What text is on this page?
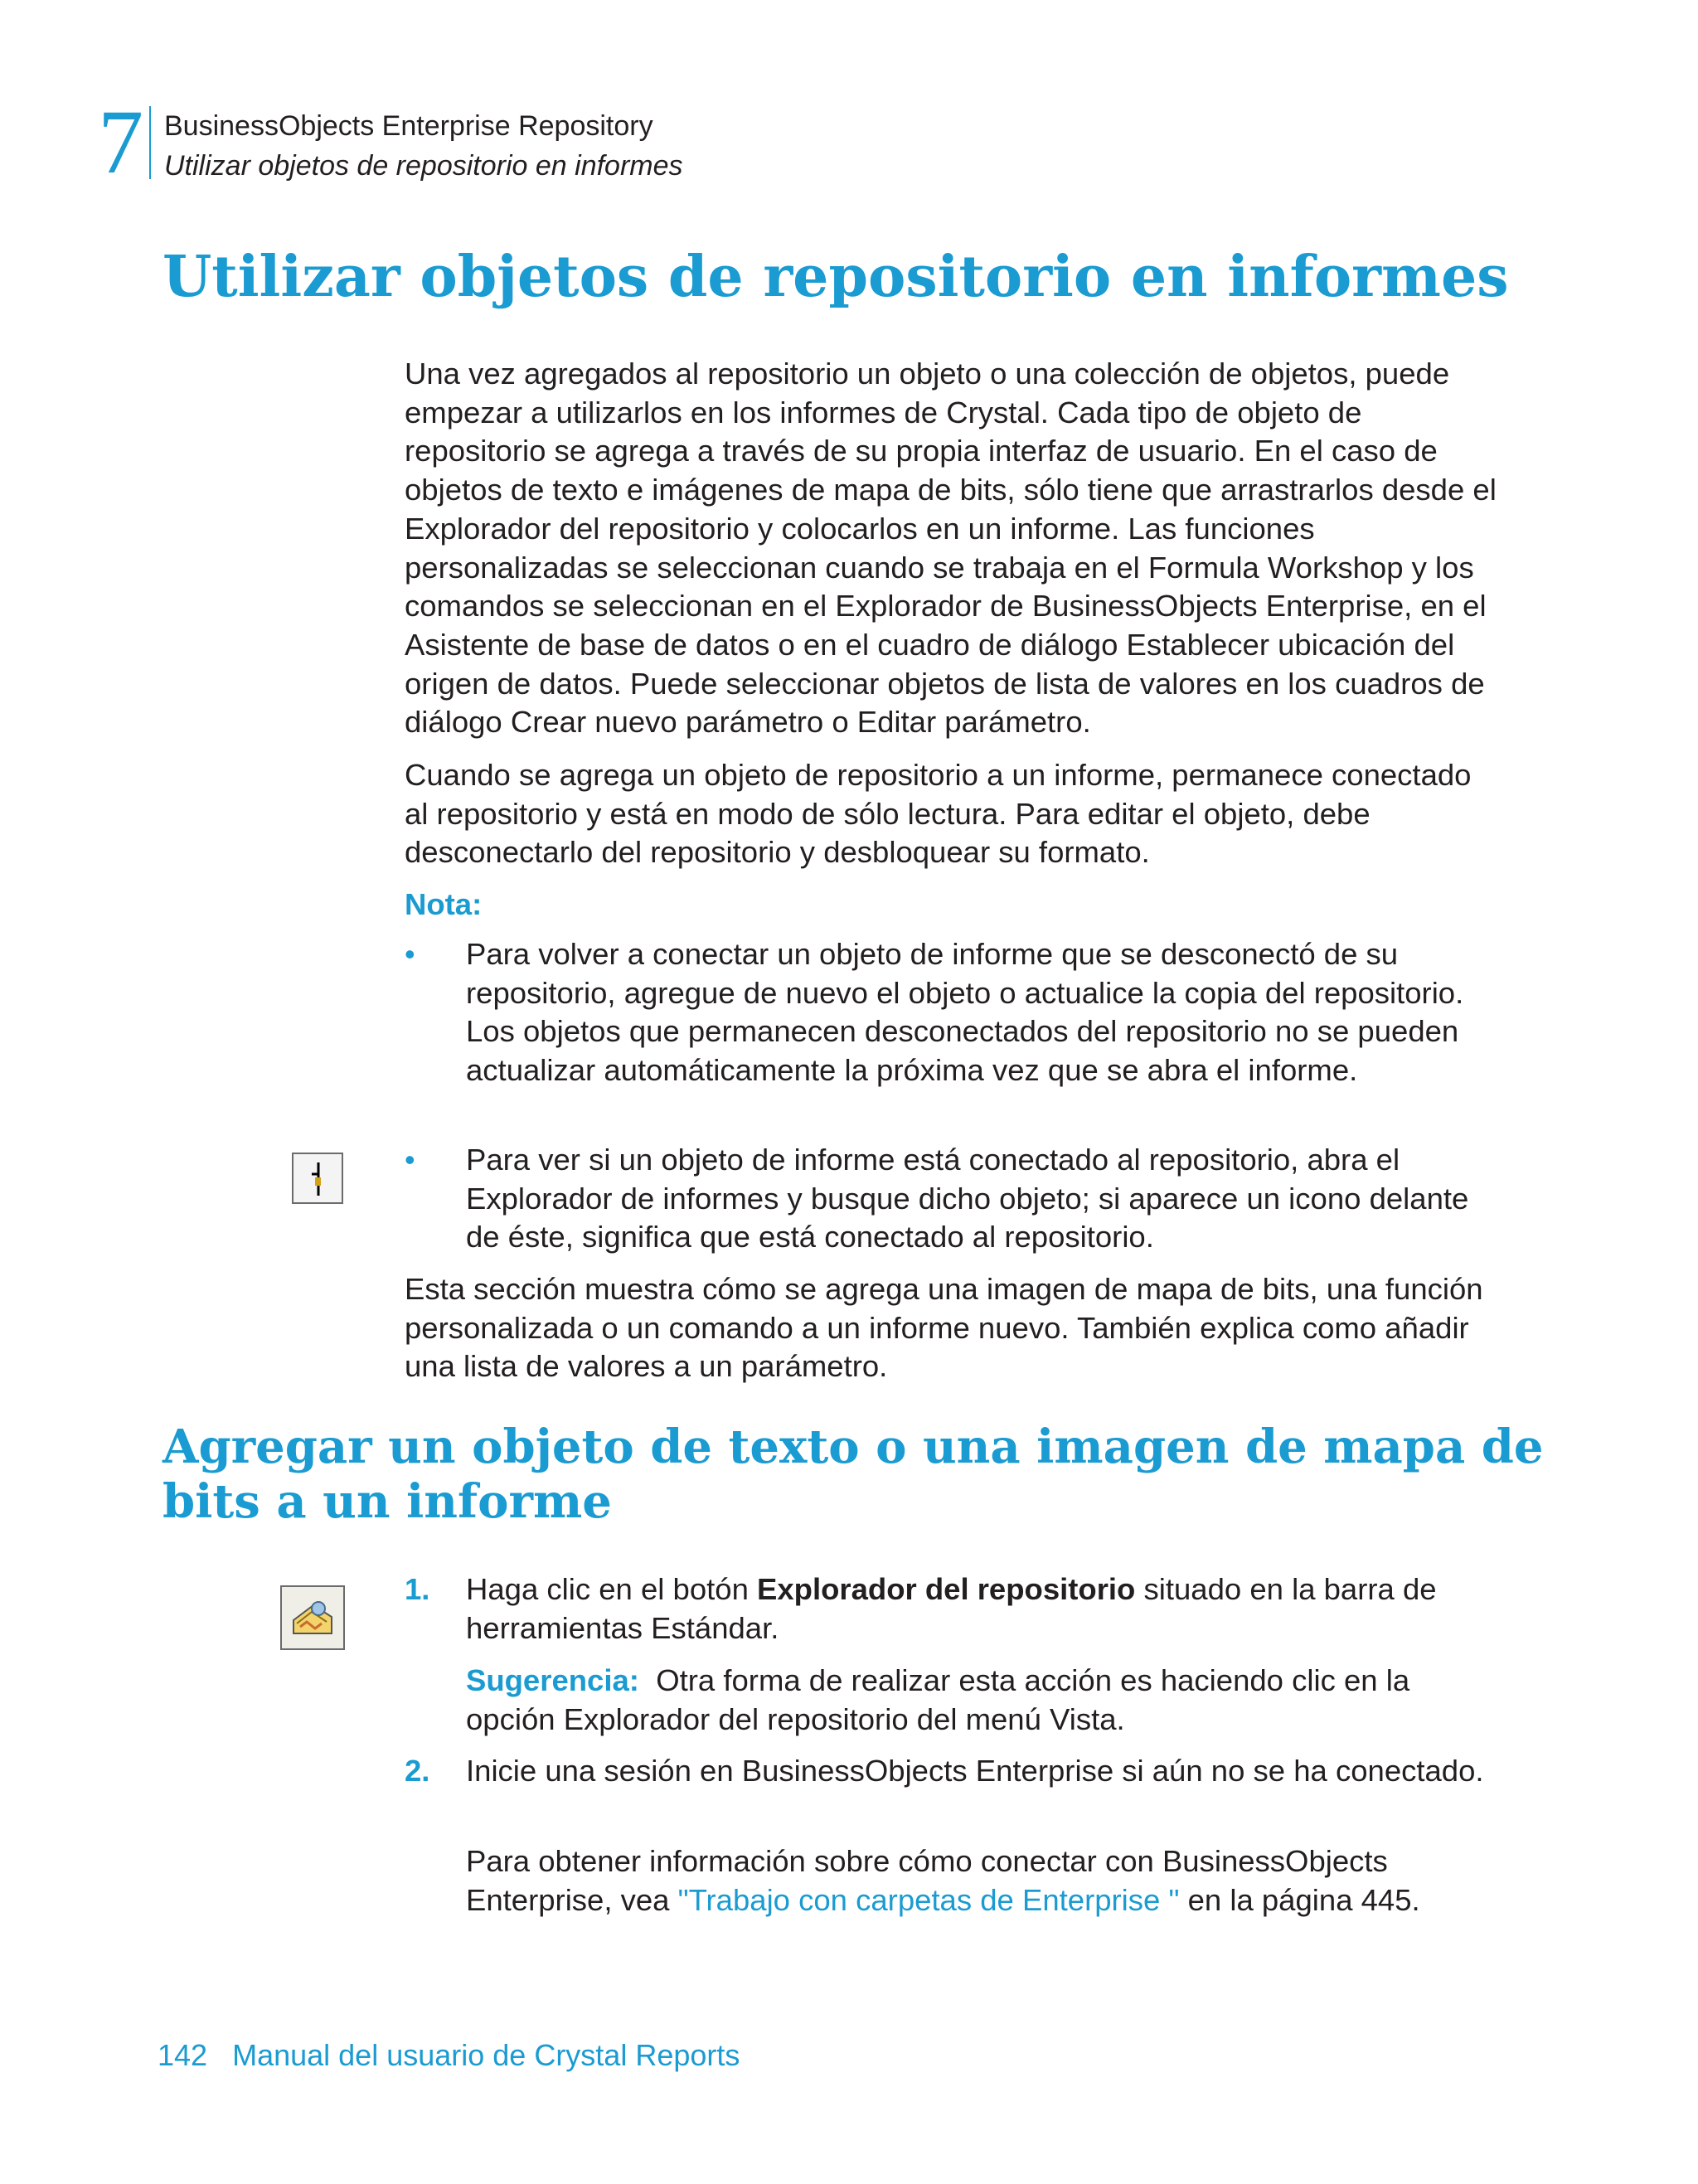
7 BusinessObjects Enterprise Repository
Utilizar objetos de repositorio en informes
Utilizar objetos de repositorio en informes

Una vez agregados al repositorio un objeto o una colección de objetos, puede empezar a utilizarlos en los informes de Crystal. Cada tipo de objeto de repositorio se agrega a través de su propia interfaz de usuario. En el caso de objetos de texto e imágenes de mapa de bits, sólo tiene que arrastrarlos desde el Explorador del repositorio y colocarlos en un informe. Las funciones personalizadas se seleccionan cuando se trabaja en el Formula Workshop y los comandos se seleccionan en el Explorador de BusinessObjects Enterprise, en el Asistente de base de datos o en el cuadro de diálogo Establecer ubicación del origen de datos. Puede seleccionar objetos de lista de valores en los cuadros de diálogo Crear nuevo parámetro o Editar parámetro.

Cuando se agrega un objeto de repositorio a un informe, permanece conectado al repositorio y está en modo de sólo lectura. Para editar el objeto, debe desconectarlo del repositorio y desbloquear su formato.

Nota:
• Para volver a conectar un objeto de informe que se desconectó de su repositorio, agregue de nuevo el objeto o actualice la copia del repositorio. Los objetos que permanecen desconectados del repositorio no se pueden actualizar automáticamente la próxima vez que se abra el informe.
• Para ver si un objeto de informe está conectado al repositorio, abra el Explorador de informes y busque dicho objeto; si aparece un icono delante de éste, significa que está conectado al repositorio.

Esta sección muestra cómo se agrega una imagen de mapa de bits, una función personalizada o un comando a un informe nuevo. También explica como añadir una lista de valores a un parámetro.

Agregar un objeto de texto o una imagen de mapa de bits a un informe
1. Haga clic en el botón Explorador del repositorio situado en la barra de herramientas Estándar.
Sugerencia: Otra forma de realizar esta acción es haciendo clic en la opción Explorador del repositorio del menú Vista.
2. Inicie una sesión en BusinessObjects Enterprise si aún no se ha conectado.
Para obtener información sobre cómo conectar con BusinessObjects Enterprise, vea "Trabajo con carpetas de Enterprise " en la página 445.
142 Manual del usuario de Crystal Reports
